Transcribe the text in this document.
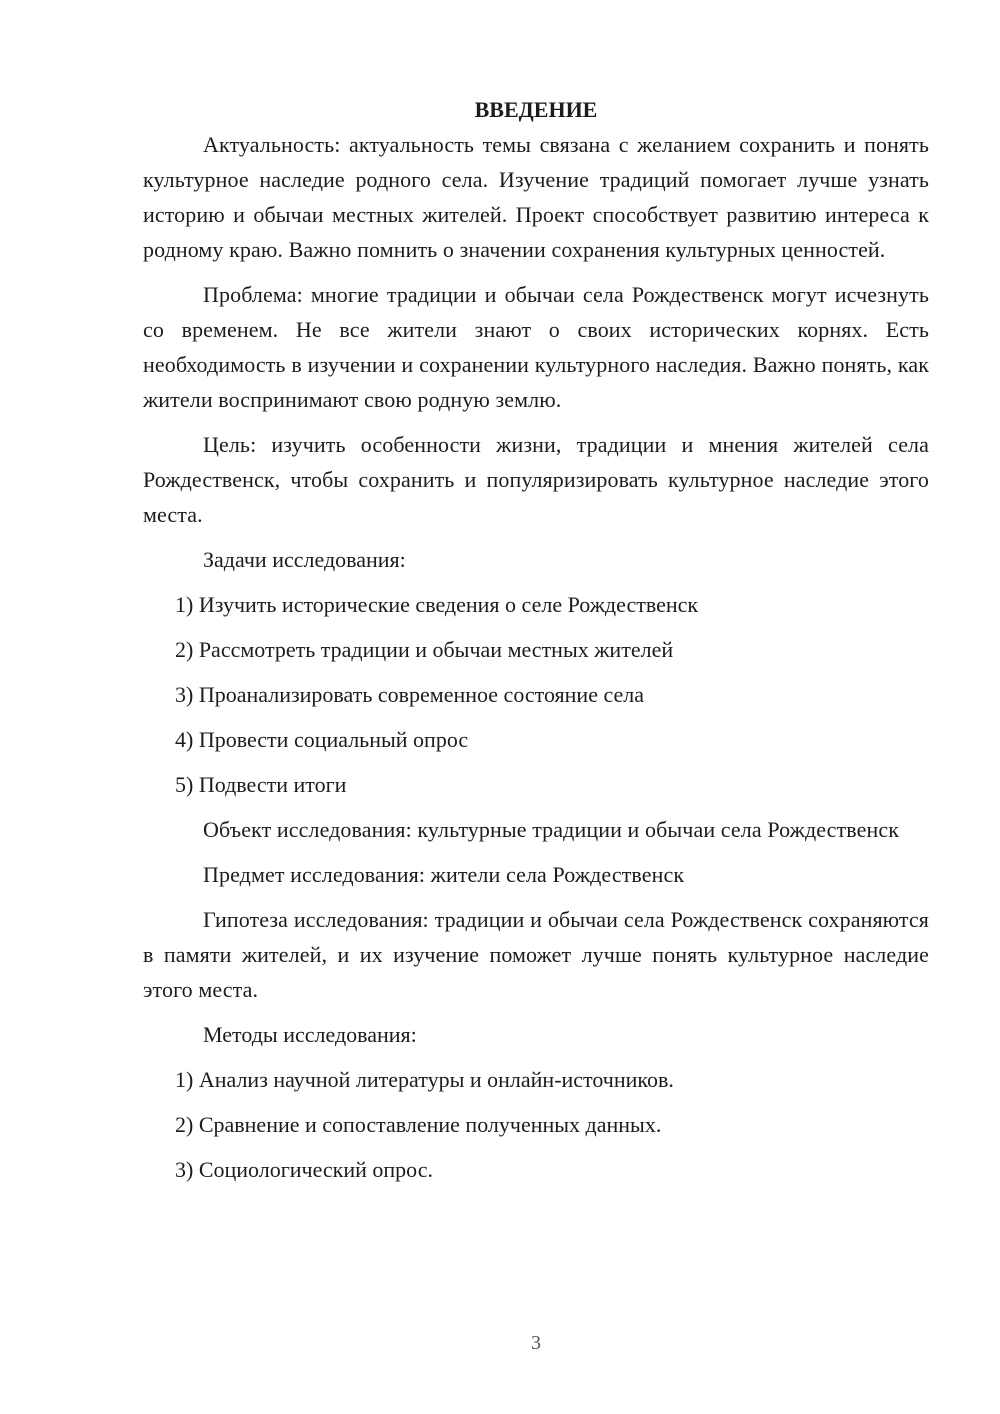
ВВЕДЕНИЕ

Актуальность: актуальность темы связана с желанием сохранить и понять культурное наследие родного села. Изучение традиций помогает лучше узнать историю и обычаи местных жителей. Проект способствует развитию интереса к родному краю. Важно помнить о значении сохранения культурных ценностей.

Проблема: многие традиции и обычаи села Рождественск могут исчезнуть со временем. Не все жители знают о своих исторических корнях. Есть необходимость в изучении и сохранении культурного наследия. Важно понять, как жители воспринимают свою родную землю.

Цель: изучить особенности жизни, традиции и мнения жителей села Рождественск, чтобы сохранить и популяризировать культурное наследие этого места.

Задачи исследования:

1) Изучить исторические сведения о селе Рождественск

2) Рассмотреть традиции и обычаи местных жителей

3) Проанализировать современное состояние села

4) Провести социальный опрос

5) Подвести итоги

Объект исследования: культурные традиции и обычаи села Рождественск

Предмет исследования: жители села Рождественск

Гипотеза исследования: традиции и обычаи села Рождественск сохраняются в памяти жителей, и их изучение поможет лучше понять культурное наследие этого места.

Методы исследования:

1) Анализ научной литературы и онлайн-источников.

2) Сравнение и сопоставление полученных данных.

3) Социологический опрос.

3
